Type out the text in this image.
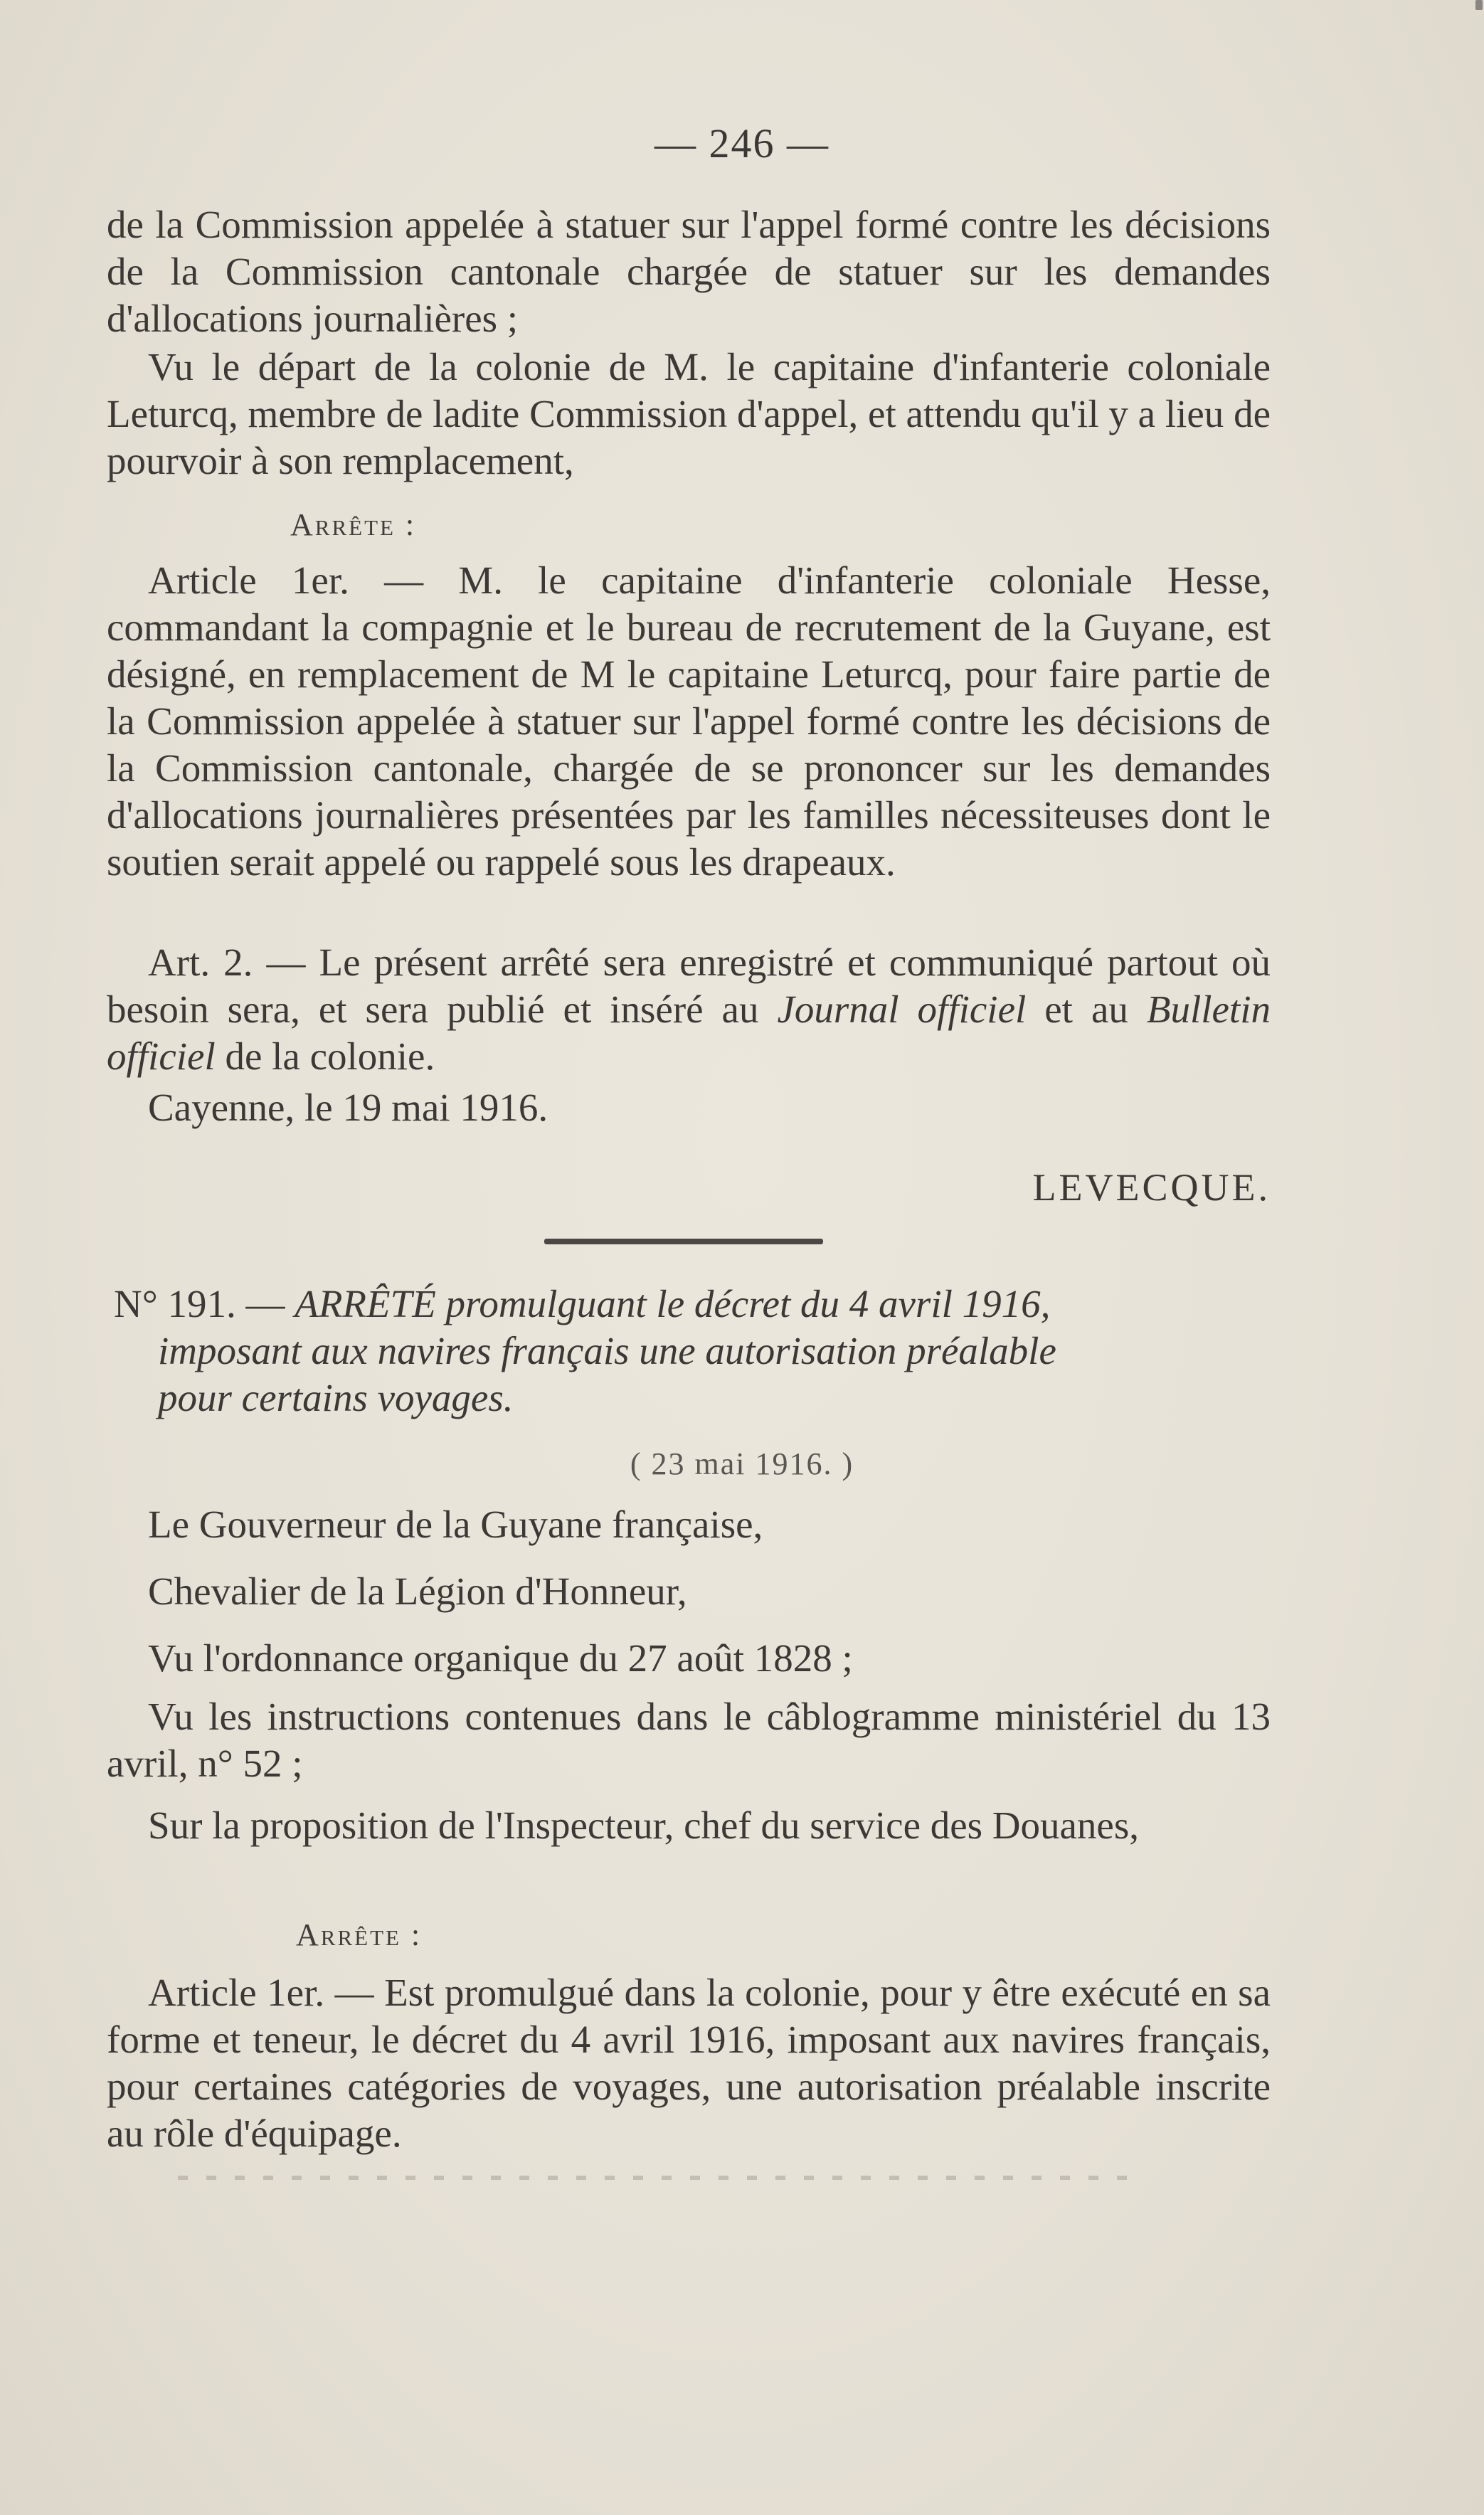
— 246 —
de la Commission appelée à statuer sur l'appel formé contre les décisions de la Commission cantonale chargée de statuer sur les demandes d'allocations journalières ;
Vu le départ de la colonie de M. le capitaine d'infanterie coloniale Leturcq, membre de ladite Commission d'appel, et attendu qu'il y a lieu de pourvoir à son remplacement,
Arrête :
Article 1er. — M. le capitaine d'infanterie coloniale Hesse, commandant la compagnie et le bureau de recrutement de la Guyane, est désigné, en remplacement de M le capitaine Leturcq, pour faire partie de la Commission appelée à statuer sur l'appel formé contre les décisions de la Commission cantonale, chargée de se prononcer sur les demandes d'allocations journalières présentées par les familles nécessiteuses dont le soutien serait appelé ou rappelé sous les drapeaux.
Art. 2. — Le présent arrêté sera enregistré et communiqué partout où besoin sera, et sera publié et inséré au Journal officiel et au Bulletin officiel de la colonie.
Cayenne, le 19 mai 1916.
LEVECQUE.
N° 191. — ARRÊTÉ promulguant le décret du 4 avril 1916,
imposant aux navires français une autorisation préalable
pour certains voyages.
( 23 mai 1916. )
Le Gouverneur de la Guyane française,
Chevalier de la Légion d'Honneur,
Vu l'ordonnance organique du 27 août 1828 ;
Vu les instructions contenues dans le câblogramme ministériel du 13 avril, n° 52 ;
Sur la proposition de l'Inspecteur, chef du service des Douanes,
Arrête :
Article 1er. — Est promulgué dans la colonie, pour y être exécuté en sa forme et teneur, le décret du 4 avril 1916, imposant aux navires français, pour certaines catégories de voyages, une autorisation préalable inscrite au rôle d'équipage.
